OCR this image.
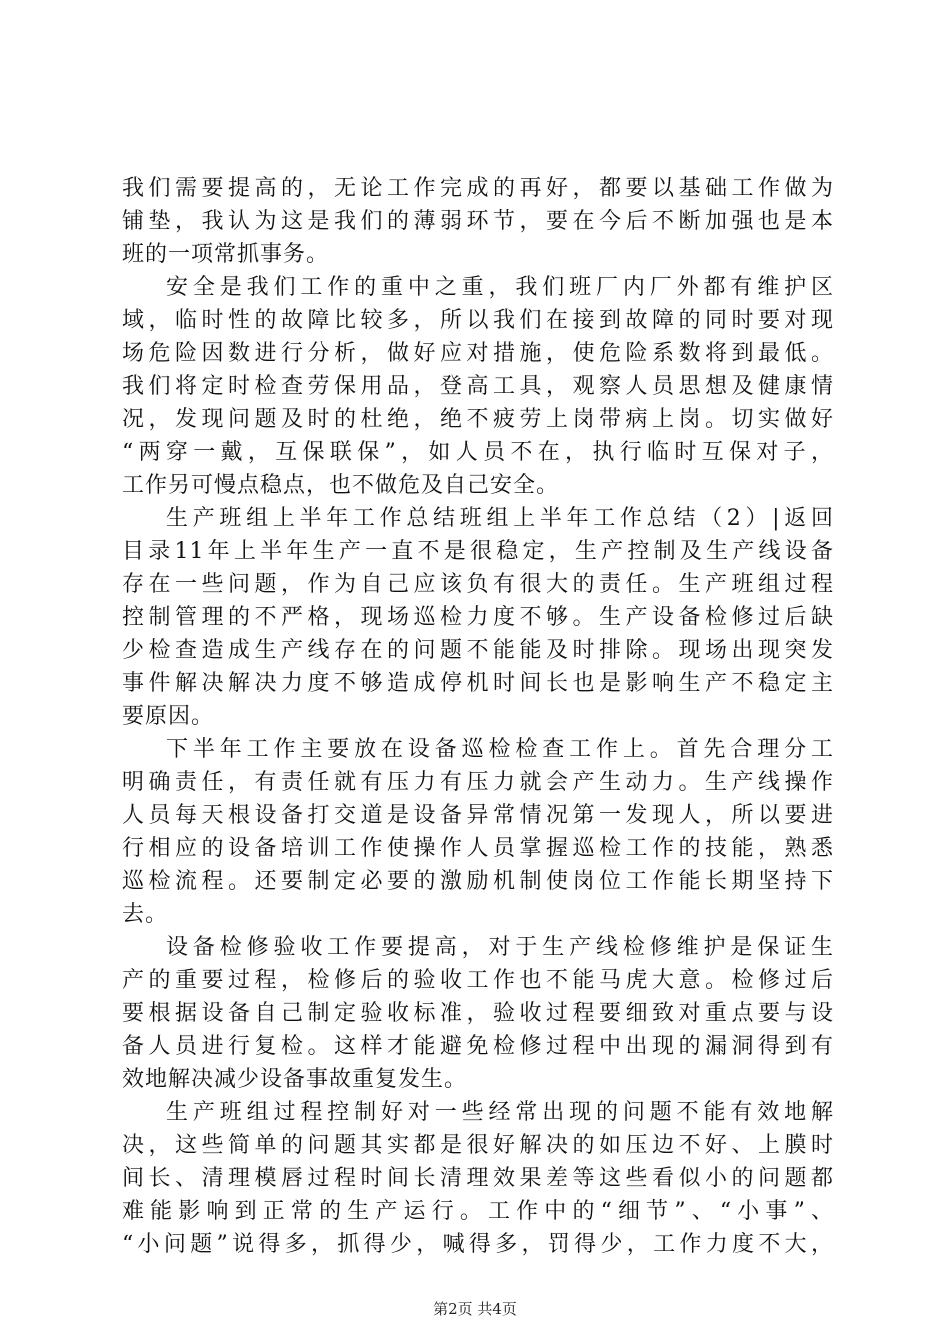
我们需要提高的，无论工作完成的再好，都要以基础工作做为
铺垫，我认为这是我们的薄弱环节，要在今后不断加强也是本
班的一项常抓事务。
安全是我们工作的重中之重，我们班厂内厂外都有维护区
域，临时性的故障比较多，所以我们在接到故障的同时要对现
场危险因数进行分析，做好应对措施，使危险系数将到最低。
我们将定时检查劳保用品，登高工具，观察人员思想及健康情
况，发现问题及时的杜绝，绝不疲劳上岗带病上岗。切实做好
“两穿一戴，互保联保”，如人员不在，执行临时互保对子，
工作另可慢点稳点，也不做危及自己安全。
生产班组上半年工作总结班组上半年工作总结（2）|返回
目录11年上半年生产一直不是很稳定，生产控制及生产线设备
存在一些问题，作为自己应该负有很大的责任。生产班组过程
控制管理的不严格，现场巡检力度不够。生产设备检修过后缺
少检查造成生产线存在的问题不能能及时排除。现场出现突发
事件解决解决力度不够造成停机时间长也是影响生产不稳定主
要原因。
下半年工作主要放在设备巡检检查工作上。首先合理分工
明确责任，有责任就有压力有压力就会产生动力。生产线操作
人员每天根设备打交道是设备异常情况第一发现人，所以要进
行相应的设备培训工作使操作人员掌握巡检工作的技能，熟悉
巡检流程。还要制定必要的激励机制使岗位工作能长期坚持下
去。
设备检修验收工作要提高，对于生产线检修维护是保证生
产的重要过程，检修后的验收工作也不能马虎大意。检修过后
要根据设备自己制定验收标准，验收过程要细致对重点要与设
备人员进行复检。这样才能避免检修过程中出现的漏洞得到有
效地解决减少设备事故重复发生。
生产班组过程控制好对一些经常出现的问题不能有效地解
决，这些简单的问题其实都是很好解决的如压边不好、上膜时
间长、清理模唇过程时间长清理效果差等这些看似小的问题都
难能影响到正常的生产运行。工作中的“细节”、“小事”、
“小问题”说得多，抓得少，喊得多，罚得少，工作力度不大，
第2页 共4页
